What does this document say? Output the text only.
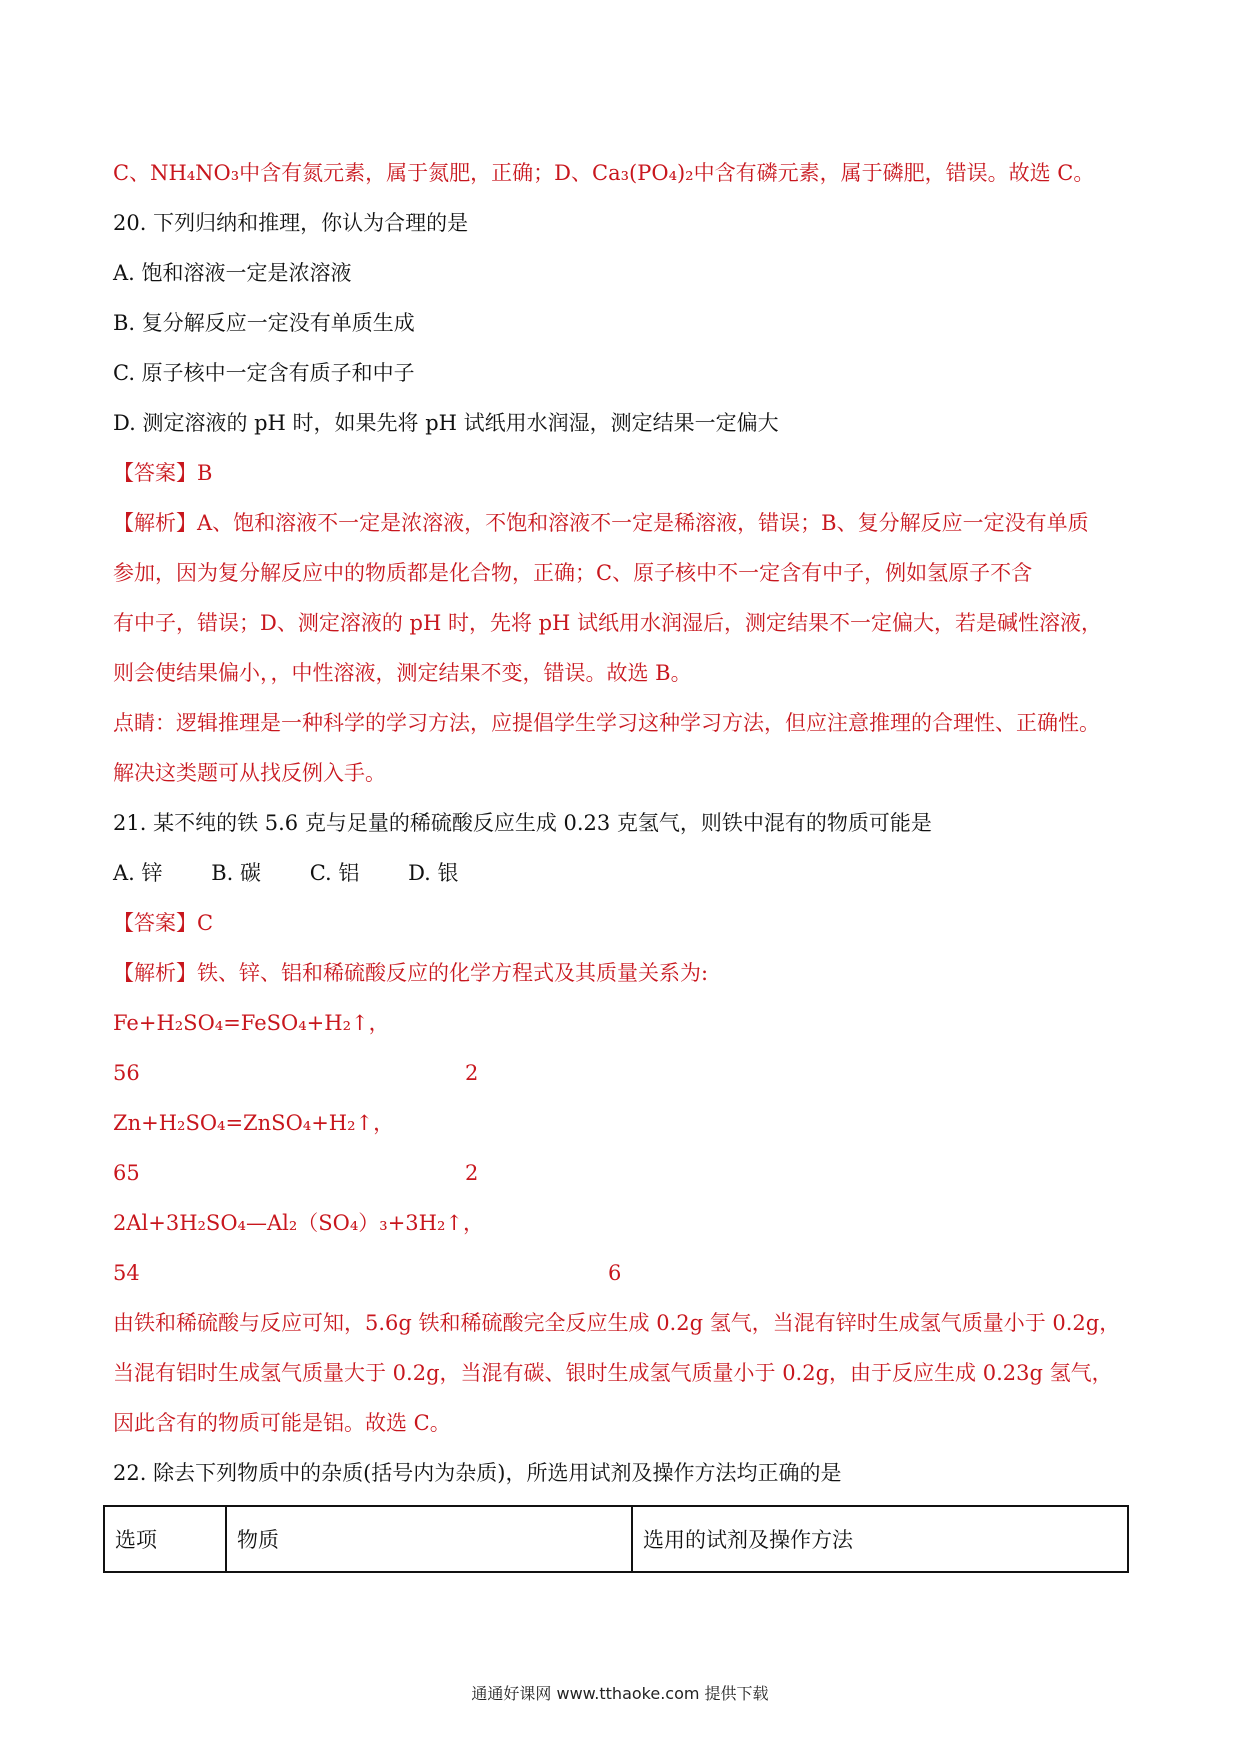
C、NH₄NO₃中含有氮元素，属于氮肥，正确；D、Ca₃(PO₄)₂中含有磷元素，属于磷肥，错误。故选 C。
20. 下列归纳和推理，你认为合理的是
A. 饱和溶液一定是浓溶液
B. 复分解反应一定没有单质生成
C. 原子核中一定含有质子和中子
D. 测定溶液的 pH 时，如果先将 pH 试纸用水润湿，测定结果一定偏大
【答案】B
【解析】A、饱和溶液不一定是浓溶液，不饱和溶液不一定是稀溶液，错误；B、复分解反应一定没有单质
参加，因为复分解反应中的物质都是化合物，正确；C、原子核中不一定含有中子，例如氢原子不含
有中子，错误；D、测定溶液的 pH 时，先将 pH 试纸用水润湿后，测定结果不一定偏大，若是碱性溶液，
则会使结果偏小，，中性溶液，测定结果不变，错误。故选 B。
点睛：逻辑推理是一种科学的学习方法，应提倡学生学习这种学习方法，但应注意推理的合理性、正确性。
解决这类题可从找反例入手。
21. 某不纯的铁 5.6 克与足量的稀硫酸反应生成 0.23 克氢气，则铁中混有的物质可能是
A. 锌 B. 碳 C. 铝 D. 银
【答案】C
【解析】铁、锌、铝和稀硫酸反应的化学方程式及其质量关系为:
Fe+H₂SO₄=FeSO₄+H₂↑，
56	2
Zn+H₂SO₄=ZnSO₄+H₂↑，
65	2
2Al+3H₂SO₄—Al₂（SO₄）₃+3H₂↑，
54	6
由铁和稀硫酸与反应可知，5.6g 铁和稀硫酸完全反应生成 0.2g 氢气，当混有锌时生成氢气质量小于 0.2g，
当混有铝时生成氢气质量大于 0.2g，当混有碳、银时生成氢气质量小于 0.2g，由于反应生成 0.23g 氢气，
因此含有的物质可能是铝。故选 C。
22. 除去下列物质中的杂质(括号内为杂质)，所选用试剂及操作方法均正确的是
选项	物质	选用的试剂及操作方法
通通好课网 www.tthaoke.com 提供下载
